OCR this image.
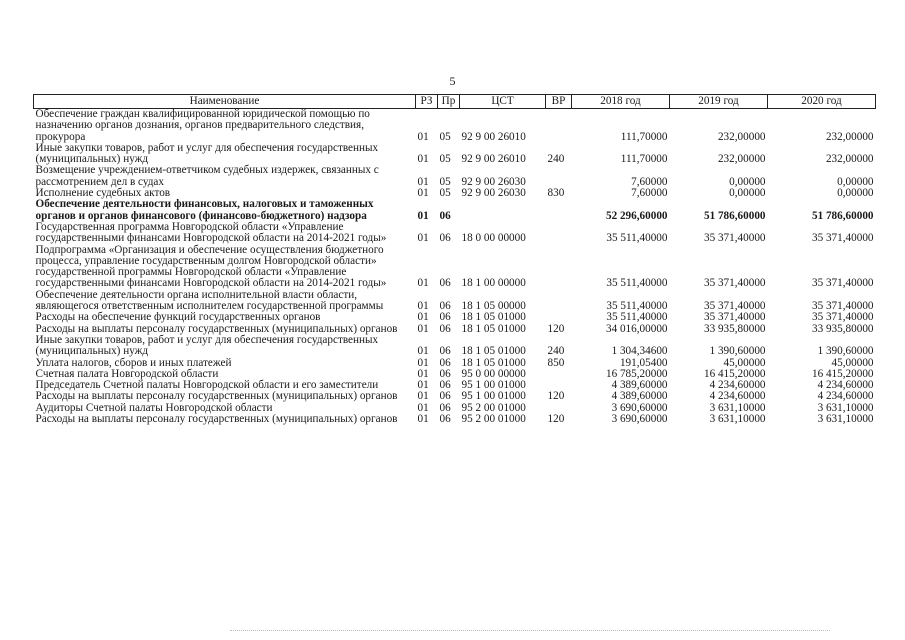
5
Наименование	РЗ	Пр	ЦСТ	ВР	2018 год	2019 год	2020 год
Обеспечение граждан квалифицированной юридической помощью по назначению органов дознания, органов предварительного следствия, прокурора	01	05	92 9 00 26010		111,70000	232,00000	232,00000
Иные закупки товаров, работ и услуг для обеспечения государственных (муниципальных) нужд	01	05	92 9 00 26010	240	111,70000	232,00000	232,00000
Возмещение учреждением-ответчиком судебных издержек, связанных с рассмотрением дел в судах	01	05	92 9 00 26030		7,60000	0,00000	0,00000
Исполнение судебных актов	01	05	92 9 00 26030	830	7,60000	0,00000	0,00000
Обеспечение деятельности финансовых, налоговых и таможенных органов и органов финансового (финансово-бюджетного) надзора	01	06			52 296,60000	51 786,60000	51 786,60000
Государственная программа Новгородской области «Управление государственными финансами Новгородской области на 2014-2021 годы»	01	06	18 0 00 00000		35 511,40000	35 371,40000	35 371,40000
Подпрограмма «Организация и обеспечение осуществления бюджетного процесса, управление государственным долгом Новгородской области» государственной программы Новгородской области «Управление государственными финансами Новгородской области на 2014-2021 годы»	01	06	18 1 00 00000		35 511,40000	35 371,40000	35 371,40000
Обеспечение деятельности органа исполнительной власти области, являющегося ответственным исполнителем государственной программы	01	06	18 1 05 00000		35 511,40000	35 371,40000	35 371,40000
Расходы на обеспечение функций государственных органов	01	06	18 1 05 01000		35 511,40000	35 371,40000	35 371,40000
Расходы на выплаты персоналу государственных (муниципальных) органов	01	06	18 1 05 01000	120	34 016,00000	33 935,80000	33 935,80000
Иные закупки товаров, работ и услуг для обеспечения государственных (муниципальных) нужд	01	06	18 1 05 01000	240	1 304,34600	1 390,60000	1 390,60000
Уплата налогов, сборов и иных платежей	01	06	18 1 05 01000	850	191,05400	45,00000	45,00000
Счетная палата Новгородской области	01	06	95 0 00 00000		16 785,20000	16 415,20000	16 415,20000
Председатель Счетной палаты Новгородской области и его заместители	01	06	95 1 00 01000		4 389,60000	4 234,60000	4 234,60000
Расходы на выплаты персоналу государственных (муниципальных) органов	01	06	95 1 00 01000	120	4 389,60000	4 234,60000	4 234,60000
Аудиторы Счетной палаты Новгородской области	01	06	95 2 00 01000		3 690,60000	3 631,10000	3 631,10000
Расходы на выплаты персоналу государственных (муниципальных) органов	01	06	95 2 00 01000	120	3 690,60000	3 631,10000	3 631,10000
